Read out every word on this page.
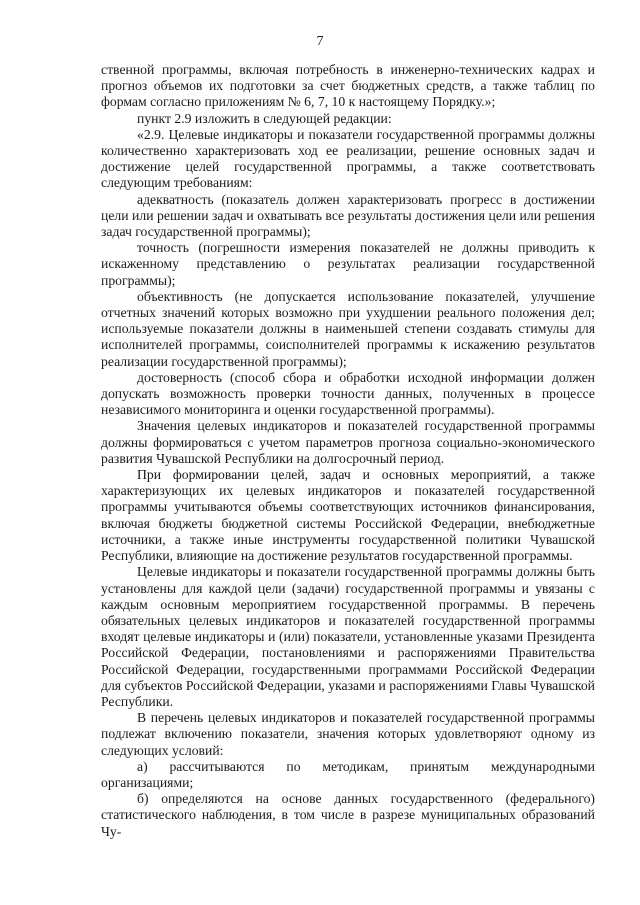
7

ственной программы, включая потребность в инженерно-технических кадрах и прогноз объемов их подготовки за счет бюджетных средств, а также таблиц по формам согласно приложениям № 6, 7, 10 к настоящему Порядку.»;

пункт 2.9 изложить в следующей редакции:

«2.9. Целевые индикаторы и показатели государственной программы должны количественно характеризовать ход ее реализации, решение основных задач и достижение целей государственной программы, а также соответствовать следующим требованиям:

адекватность (показатель должен характеризовать прогресс в достижении цели или решении задач и охватывать все результаты достижения цели или решения задач государственной программы);

точность (погрешности измерения показателей не должны приводить к искаженному представлению о результатах реализации государственной программы);

объективность (не допускается использование показателей, улучшение отчетных значений которых возможно при ухудшении реального положения дел; используемые показатели должны в наименьшей степени создавать стимулы для исполнителей программы, соисполнителей программы к искажению результатов реализации государственной программы);

достоверность (способ сбора и обработки исходной информации должен допускать возможность проверки точности данных, полученных в процессе независимого мониторинга и оценки государственной программы).

Значения целевых индикаторов и показателей государственной программы должны формироваться с учетом параметров прогноза социально-экономического развития Чувашской Республики на долгосрочный период.

При формировании целей, задач и основных мероприятий, а также характеризующих их целевых индикаторов и показателей государственной программы учитываются объемы соответствующих источников финансирования, включая бюджеты бюджетной системы Российской Федерации, внебюджетные источники, а также иные инструменты государственной политики Чувашской Республики, влияющие на достижение результатов государственной программы.

Целевые индикаторы и показатели государственной программы должны быть установлены для каждой цели (задачи) государственной программы и увязаны с каждым основным мероприятием государственной программы. В перечень обязательных целевых индикаторов и показателей государственной программы входят целевые индикаторы и (или) показатели, установленные указами Президента Российской Федерации, постановлениями и распоряжениями Правительства Российской Федерации, государственными программами Российской Федерации для субъектов Российской Федерации, указами и распоряжениями Главы Чувашской Республики.

В перечень целевых индикаторов и показателей государственной программы подлежат включению показатели, значения которых удовлетворяют одному из следующих условий:

а) рассчитываются по методикам, принятым международными организациями;

б) определяются на основе данных государственного (федерального) статистического наблюдения, в том числе в разрезе муниципальных образований Чу-
